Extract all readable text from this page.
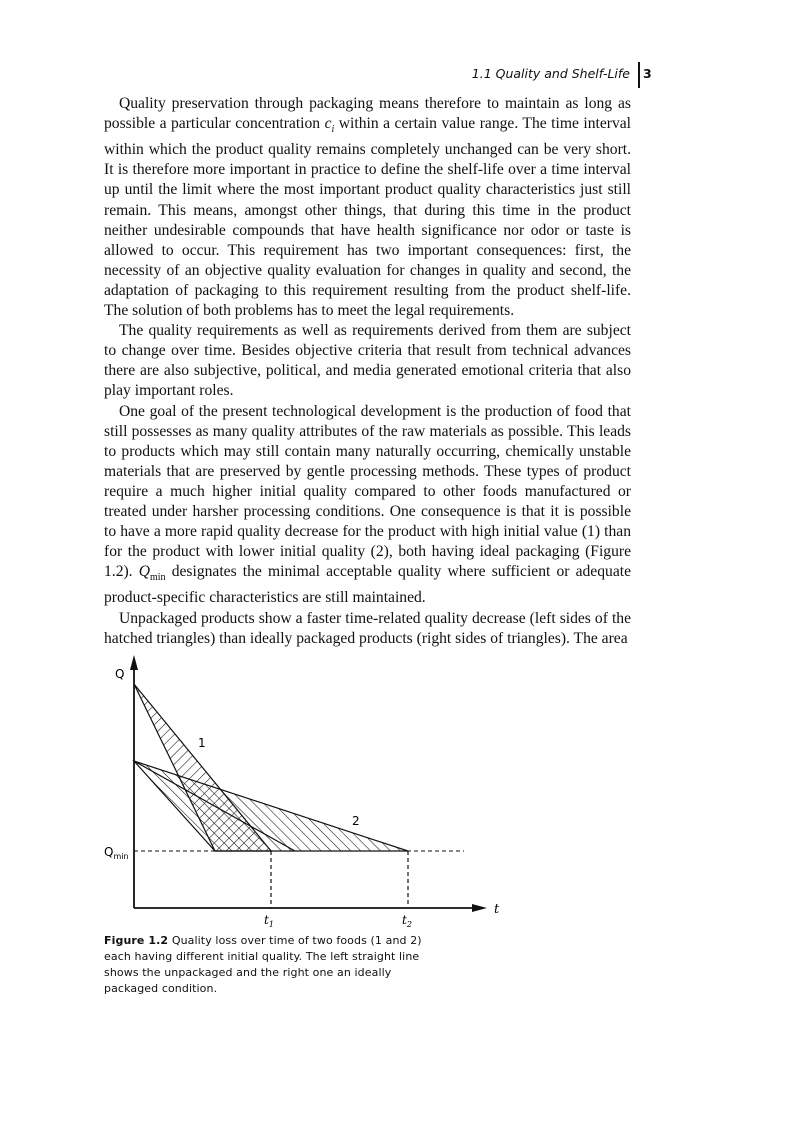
1.1 Quality and Shelf-Life 3

Quality preservation through packaging means therefore to maintain as long as possible a particular concentration $c_i$ within a certain value range. The time interval within which the product quality remains completely unchanged can be very short. It is therefore more important in practice to define the shelf-life over a time interval up until the limit where the most important product quality characteristics just still remain. This means, amongst other things, that during this time in the product neither undesirable compounds that have health significance nor odor or taste is allowed to occur. This requirement has two important consequences: first, the necessity of an objective quality evaluation for changes in quality and second, the adaptation of packaging to this requirement resulting from the product shelf-life. The solution of both problems has to meet the legal requirements.

The quality requirements as well as requirements derived from them are subject to change over time. Besides objective criteria that result from technical advances there are also subjective, political, and media generated emotional criteria that also play important roles.

One goal of the present technological development is the production of food that still possesses as many quality attributes of the raw materials as possible. This leads to products which may still contain many naturally occurring, chemically unstable materials that are preserved by gentle processing methods. These types of product require a much higher initial quality compared to other foods manufactured or treated under harsher processing conditions. One consequence is that it is possible to have a more rapid quality decrease for the product with high initial value (1) than for the product with lower initial quality (2), both having ideal packaging (Figure 1.2). $Q_{min}$ designates the minimal acceptable quality where sufficient or adequate product-specific characteristics are still maintained.

Unpackaged products show a faster time-related quality decrease (left sides of the hatched triangles) than ideally packaged products (right sides of triangles). The area

Q
$Q_{min}$
1
2
$t_1$	$t_2$
t
Figure 1.2 Quality loss over time of two foods (1 and 2) each having different initial quality. The left straight line shows the unpackaged and the right one an ideally packaged condition.
